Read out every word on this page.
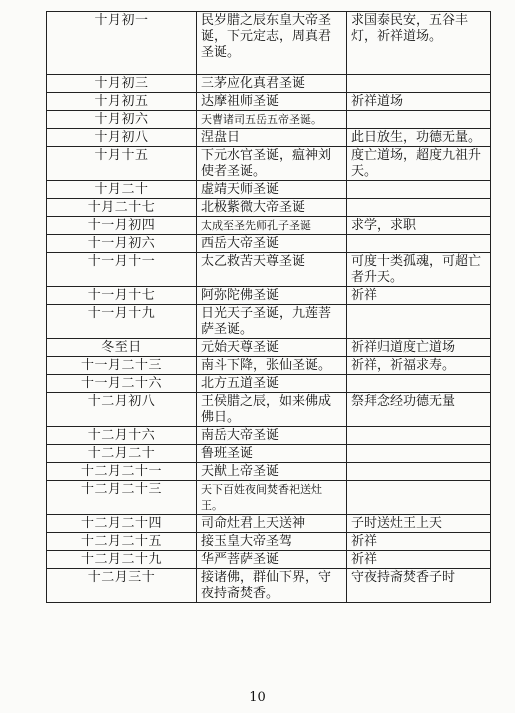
十月初一	民岁腊之辰东皇大帝圣诞，下元定志，周真君圣诞。	求国泰民安，五谷丰灯，祈祥道场。
十月初三	三茅应化真君圣诞	
十月初五	达摩祖师圣诞	祈祥道场
十月初六	天曹诸司五岳五帝圣诞。	
十月初八	涅盘日	此日放生，功德无量。
十月十五	下元水官圣诞，瘟神刘使者圣诞。	度亡道场，超度九祖升天。
十月二十	虚靖天师圣诞	
十月二十七	北极紫微大帝圣诞	
十一月初四	太成至圣先师孔子圣诞	求学，求职
十一月初六	西岳大帝圣诞	
十一月十一	太乙救苦天尊圣诞	可度十类孤魂，可超亡者升天。
十一月十七	阿弥陀佛圣诞	祈祥
十一月十九	日光天子圣诞，九莲菩萨圣诞。	
冬至日	元始天尊圣诞	祈祥归道度亡道场
十一月二十三	南斗下降，张仙圣诞。	祈祥，祈福求寿。
十一月二十六	北方五道圣诞	
十二月初八	王侯腊之辰，如来佛成佛日。	祭拜念经功德无量
十二月十六	南岳大帝圣诞	
十二月二十	鲁班圣诞	
十二月二十一	天猷上帝圣诞	
十二月二十三	天下百姓夜间焚香祀送灶王。	
十二月二十四	司命灶君上天送神	子时送灶王上天
十二月二十五	接玉皇大帝圣驾	祈祥
十二月二十九	华严菩萨圣诞	祈祥
十二月三十	接诸佛，群仙下界，守夜持斋焚香。	守夜持斋焚香子时
10
